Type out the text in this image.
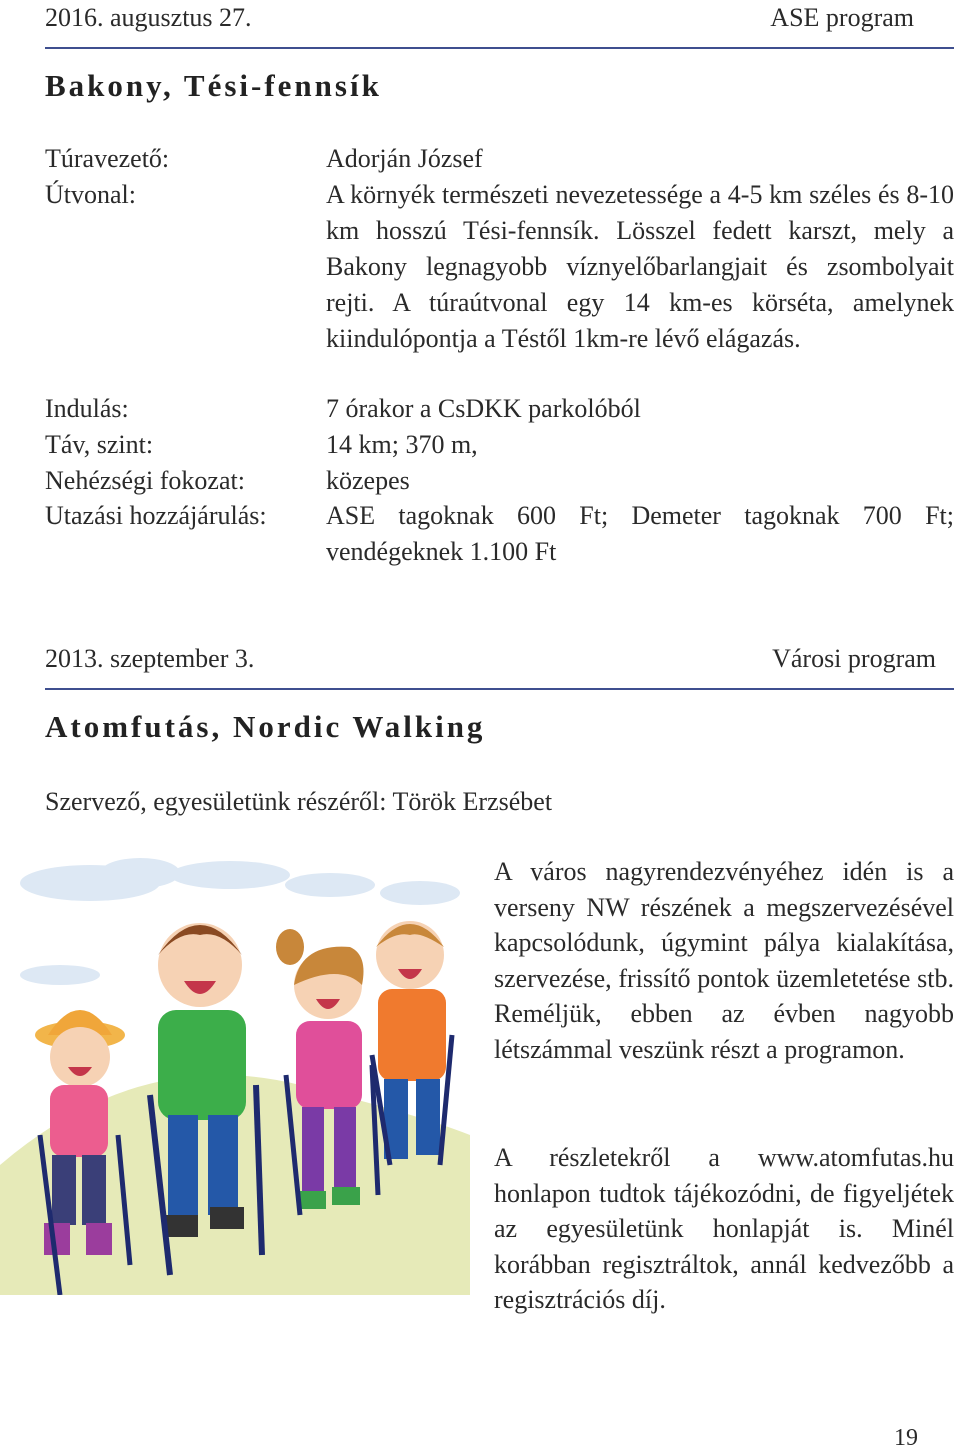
2016. augusztus 27.	ASE program
Bakony, Tési-fennsík
Túravezető:	Adorján József
Útvonal:	A környék természeti nevezetessége a 4-5 km széles és 8-10 km hosszú Tési-fennsík. Lösszel fedett karszt, mely a Bakony legnagyobb víznyelőbarlangjait és zsombolyait rejti. A túraútvonal egy 14 km-es körséta, amelynek kiindulópontja a Téstől 1km-re lévő elágazás.
Indulás:	7 órakor a CsDKK parkolóból
Táv, szint:	14 km; 370 m,
Nehézségi fokozat:	közepes
Utazási hozzájárulás: ASE tagoknak 600 Ft; Demeter tagoknak 700 Ft; vendégeknek 1.100 Ft
2013. szeptember 3.	Városi program
Atomfutás, Nordic Walking
Szervező, egyesületünk részéről: Török Erzsébet
A város nagyrendezvényéhez idén is a verseny NW részének a megszervezésével kapcsolódunk, úgymint pálya kialakítása, szervezése, frissítő pontok üzemletetése stb. Reméljük, ebben az évben nagyobb létszámmal veszünk részt a programon.
A részletekről a www.atomfutas.hu honlapon tudtok tájékozódni, de figyeljétek az egyesületünk honlapját is. Minél korábban regisztráltok, annál kedvezőbb a regisztrációs díj.
19
